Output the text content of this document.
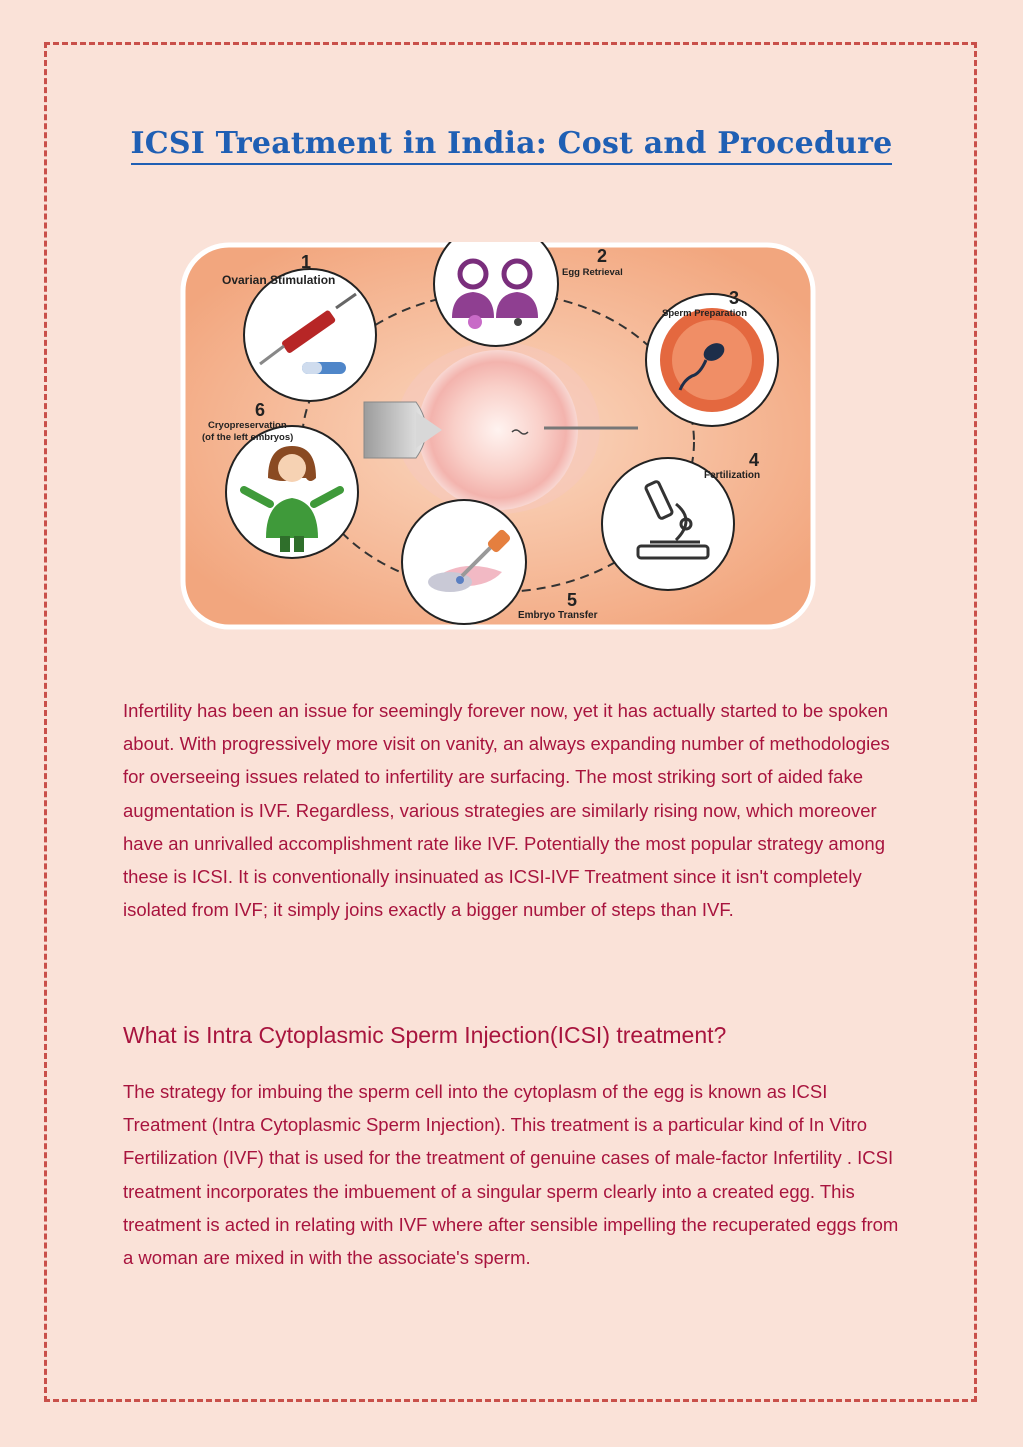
ICSI Treatment in India: Cost and Procedure
1
Ovarian Stimulation
2
Egg Retrieval
3
Sperm Preparation
4
Fertilization
5
Embryo Transfer
6
Cryopreservation
(of the left embryos)

Infertility has been an issue for seemingly forever now, yet it has actually started to be spoken about. With progressively more visit on vanity, an always expanding number of methodologies for overseeing issues related to infertility are surfacing. The most striking sort of aided fake augmentation is IVF. Regardless, various strategies are similarly rising now, which moreover have an unrivalled accomplishment rate like IVF. Potentially the most popular strategy among these is ICSI. It is conventionally insinuated as ICSI-IVF Treatment since it isn't completely isolated from IVF; it simply joins exactly a bigger number of steps than IVF.

What is Intra Cytoplasmic Sperm Injection(ICSI) treatment?

The strategy for imbuing the sperm cell into the cytoplasm of the egg is known as ICSI Treatment (Intra Cytoplasmic Sperm Injection). This treatment is a particular kind of In Vitro Fertilization (IVF) that is used for the treatment of genuine cases of male-factor Infertility . ICSI treatment incorporates the imbuement of a singular sperm clearly into a created egg. This treatment is acted in relating with IVF where after sensible impelling the recuperated eggs from a woman are mixed in with the associate's sperm.
